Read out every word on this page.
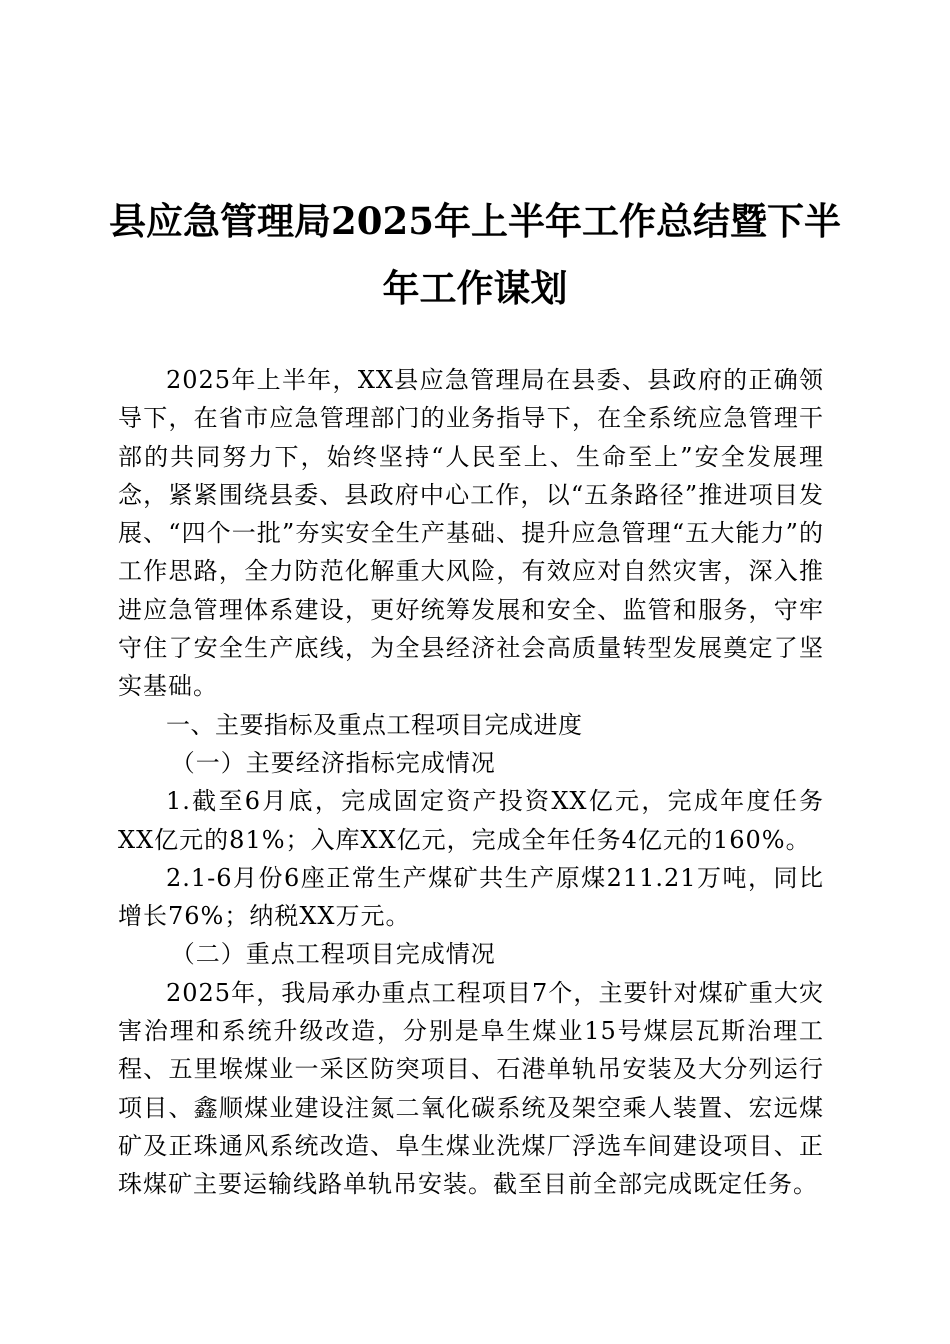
县应急管理局2025年上半年工作总结暨下半
年工作谋划

2025年上半年，XX县应急管理局在县委、县政府的正确领导下，在省市应急管理部门的业务指导下，在全系统应急管理干部的共同努力下，始终坚持“人民至上、生命至上”安全发展理念，紧紧围绕县委、县政府中心工作，以“五条路径”推进项目发展、“四个一批”夯实安全生产基础、提升应急管理“五大能力”的工作思路，全力防范化解重大风险，有效应对自然灾害，深入推进应急管理体系建设，更好统筹发展和安全、监管和服务，守牢守住了安全生产底线，为全县经济社会高质量转型发展奠定了坚实基础。

一、主要指标及重点工程项目完成进度

（一）主要经济指标完成情况

1.截至6月底，完成固定资产投资XX亿元，完成年度任务XX亿元的81%；入库XX亿元，完成全年任务4亿元的160%。

2.1-6月份6座正常生产煤矿共生产原煤211.21万吨，同比增长76%；纳税XX万元。

（二）重点工程项目完成情况

2025年，我局承办重点工程项目7个，主要针对煤矿重大灾害治理和系统升级改造，分别是阜生煤业15号煤层瓦斯治理工程、五里堠煤业一采区防突项目、石港单轨吊安装及大分列运行项目、鑫顺煤业建设注氮二氧化碳系统及架空乘人装置、宏远煤矿及正珠通风系统改造、阜生煤业洗煤厂浮选车间建设项目、正珠煤矿主要运输线路单轨吊安装。截至目前全部完成既定任务。
